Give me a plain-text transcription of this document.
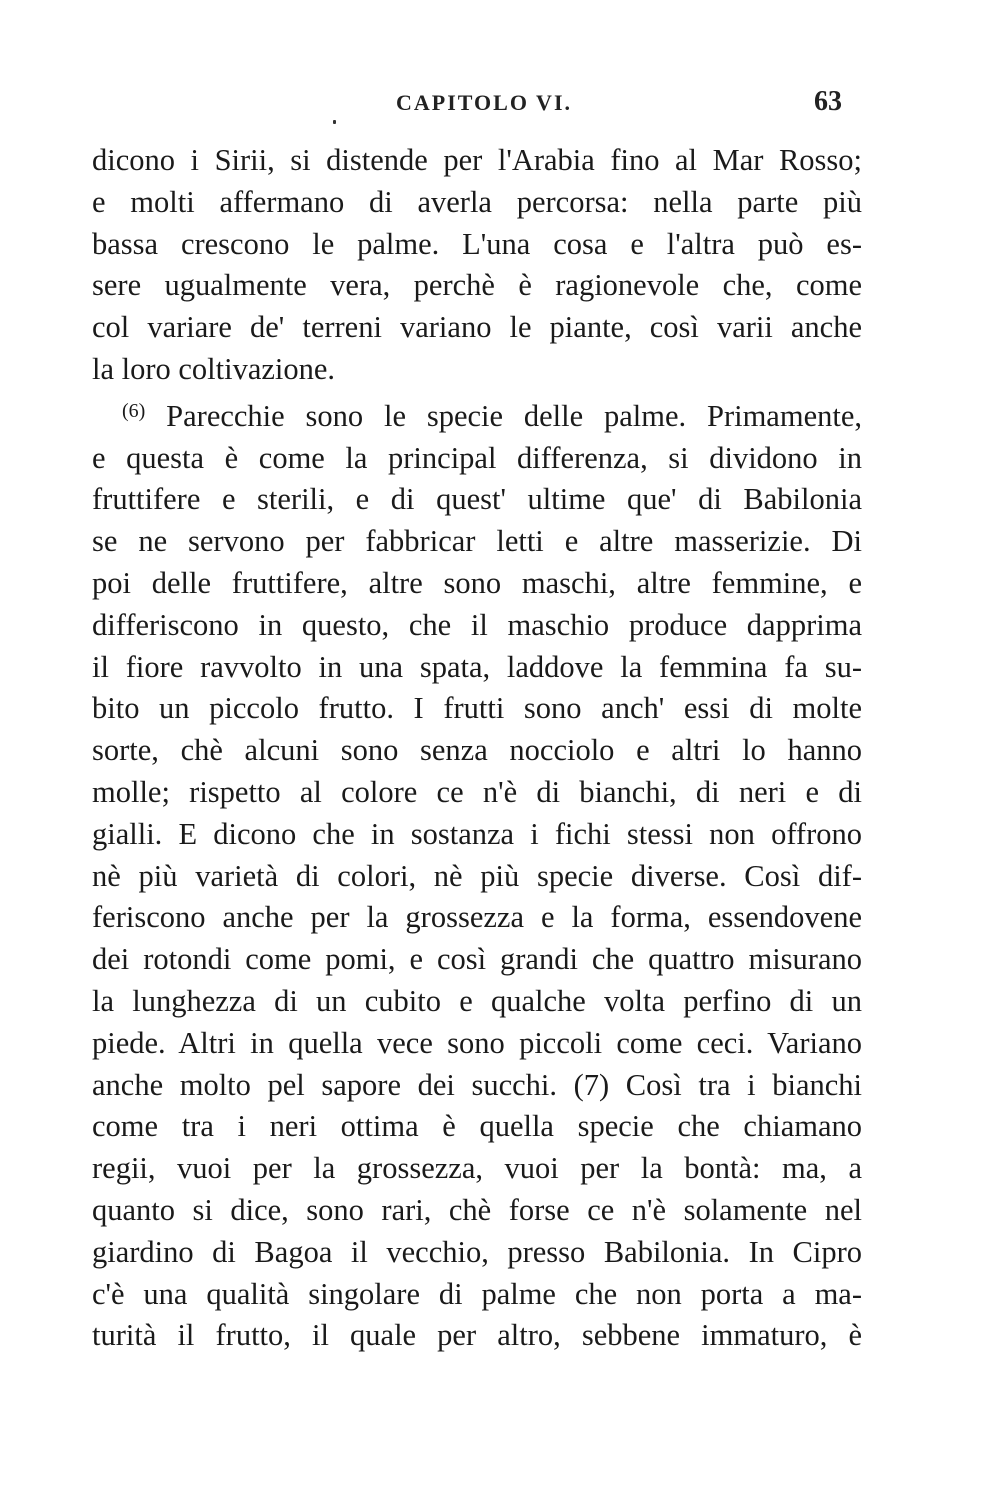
CAPITOLO VI.	63
dicono i Sirii, si distende per l'Arabia fino al Mar Rosso;
e molti affermano di averla percorsa: nella parte più
bassa crescono le palme. L'una cosa e l'altra può es-
sere ugualmente vera, perchè è ragionevole che, come
col variare de' terreni variano le piante, così varii anche
la loro coltivazione.
$^{(6)}$ Parecchie sono le specie delle palme. Primamente,
e questa è come la principal differenza, si dividono in
fruttifere e sterili, e di quest' ultime que' di Babilonia
se ne servono per fabbricar letti e altre masserizie. Di
poi delle fruttifere, altre sono maschi, altre femmine, e
differiscono in questo, che il maschio produce dapprima
il fiore ravvolto in una spata, laddove la femmina fa su-
bito un piccolo frutto. I frutti sono anch' essi di molte
sorte, chè alcuni sono senza nocciolo e altri lo hanno
molle; rispetto al colore ce n'è di bianchi, di neri e di
gialli. E dicono che in sostanza i fichi stessi non offrono
nè più varietà di colori, nè più specie diverse. Così dif-
feriscono anche per la grossezza e la forma, essendovene
dei rotondi come pomi, e così grandi che quattro misurano
la lunghezza di un cubito e qualche volta perfino di un
piede. Altri in quella vece sono piccoli come ceci. Variano
anche molto pel sapore dei succhi. (7) Così tra i bianchi
come tra i neri ottima è quella specie che chiamano
regii, vuoi per la grossezza, vuoi per la bontà: ma, a
quanto si dice, sono rari, chè forse ce n'è solamente nel
giardino di Bagoa il vecchio, presso Babilonia. In Cipro
c'è una qualità singolare di palme che non porta a ma-
turità il frutto, il quale per altro, sebbene immaturo, è
